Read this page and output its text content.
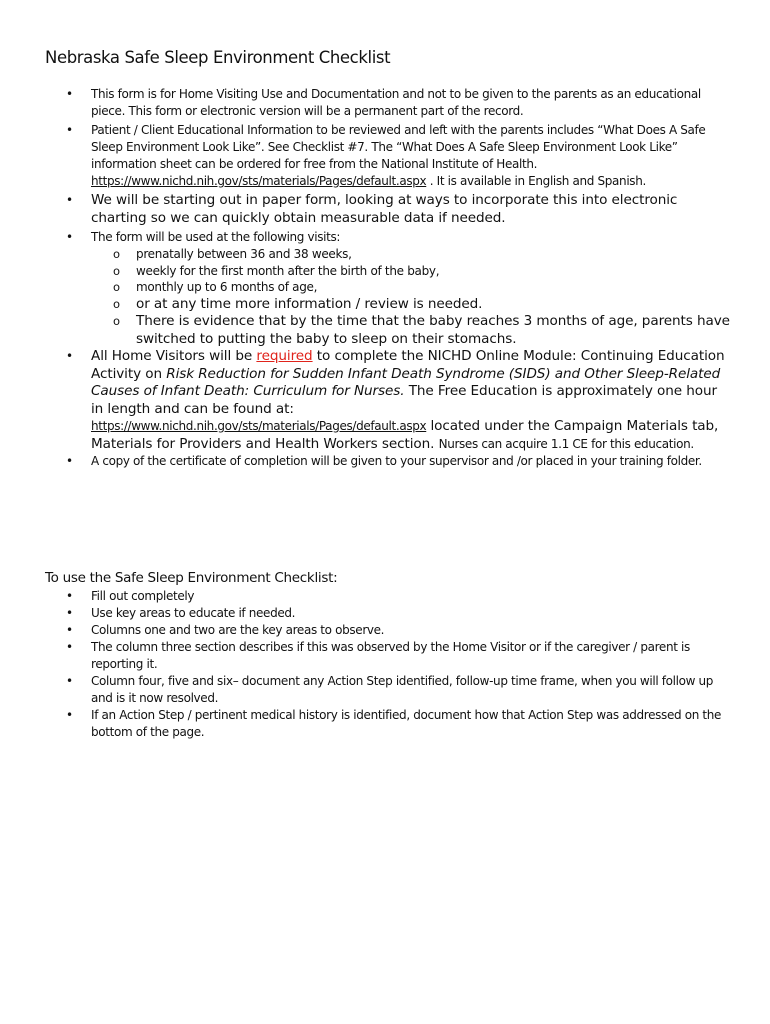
Nebraska Safe Sleep Environment Checklist
• This form is for Home Visiting Use and Documentation and not to be given to the parents as an educational piece. This form or electronic version will be a permanent part of the record.
• Patient / Client Educational Information to be reviewed and left with the parents includes “What Does A Safe Sleep Environment Look Like”. See Checklist #7. The “What Does A Safe Sleep Environment Look Like” information sheet can be ordered for free from the National Institute of Health. https://www.nichd.nih.gov/sts/materials/Pages/default.aspx . It is available in English and Spanish.
• We will be starting out in paper form, looking at ways to incorporate this into electronic charting so we can quickly obtain measurable data if needed.
• The form will be used at the following visits:
o prenatally between 36 and 38 weeks,
o weekly for the first month after the birth of the baby,
o monthly up to 6 months of age,
o or at any time more information / review is needed.
o There is evidence that by the time that the baby reaches 3 months of age, parents have switched to putting the baby to sleep on their stomachs.
• All Home Visitors will be required to complete the NICHD Online Module: Continuing Education Activity on Risk Reduction for Sudden Infant Death Syndrome (SIDS) and Other Sleep-Related Causes of Infant Death: Curriculum for Nurses. The Free Education is approximately one hour in length and can be found at:
https://www.nichd.nih.gov/sts/materials/Pages/default.aspx located under the Campaign Materials tab, Materials for Providers and Health Workers section. Nurses can acquire 1.1 CE for this education.
• A copy of the certificate of completion will be given to your supervisor and /or placed in your training folder.
To use the Safe Sleep Environment Checklist:
• Fill out completely
• Use key areas to educate if needed.
• Columns one and two are the key areas to observe.
• The column three section describes if this was observed by the Home Visitor or if the caregiver / parent is reporting it.
• Column four, five and six– document any Action Step identified, follow-up time frame, when you will follow up and is it now resolved.
• If an Action Step / pertinent medical history is identified, document how that Action Step was addressed on the bottom of the page.
